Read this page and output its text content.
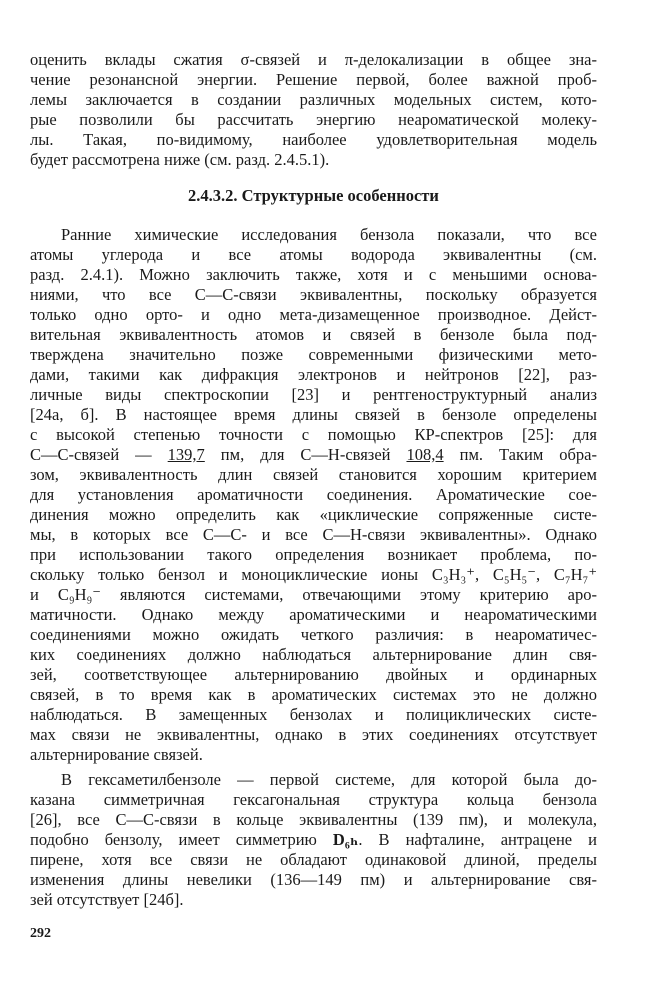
оценить вклады сжатия σ-связей и π-делокализации в общее зна-
чение резонансной энергии. Решение первой, более важной проб-
лемы заключается в создании различных модельных систем, кото-
рые позволили бы рассчитать энергию неароматической молеку-
лы. Такая, по-видимому, наиболее удовлетворительная модель
будет рассмотрена ниже (см. разд. 2.4.5.1).
2.4.3.2. Структурные особенности
Ранние химические исследования бензола показали, что все
атомы углерода и все атомы водорода эквивалентны (см.
разд. 2.4.1). Можно заключить также, хотя и с меньшими основа-
ниями, что все С—С-связи эквивалентны, поскольку образуется
только одно орто- и одно мета-дизамещенное производное. Дейст-
вительная эквивалентность атомов и связей в бензоле была под-
тверждена значительно позже современными физическими мето-
дами, такими как дифракция электронов и нейтронов [22], раз-
личные виды спектроскопии [23] и рентгеноструктурный анализ
[24а, б]. В настоящее время длины связей в бензоле определены
с высокой степенью точности с помощью КР-спектров [25]: для
С—С-связей — 139,7 пм, для С—Н-связей 108,4 пм. Таким обра-
зом, эквивалентность длин связей становится хорошим критерием
для установления ароматичности соединения. Ароматические сое-
динения можно определить как «циклические сопряженные систе-
мы, в которых все С—С- и все С—Н-связи эквивалентны». Однако
при использовании такого определения возникает проблема, по-
скольку только бензол и моноциклические ионы C₃H₃⁺, C₅H₅⁻, C₇H₇⁺
и C₉H₉⁻ являются системами, отвечающими этому критерию аро-
матичности. Однако между ароматическими и неароматическими
соединениями можно ожидать четкого различия: в неароматичес-
ких соединениях должно наблюдаться альтернирование длин свя-
зей, соответствующее альтернированию двойных и ординарных
связей, в то время как в ароматических системах это не должно
наблюдаться. В замещенных бензолах и полициклических систе-
мах связи не эквивалентны, однако в этих соединениях отсутствует
альтернирование связей.
В гексаметилбензоле — первой системе, для которой была до-
казана симметричная гексагональная структура кольца бензола
[26], все С—С-связи в кольце эквивалентны (139 пм), и молекула,
подобно бензолу, имеет симметрию D₆ₕ. В нафталине, антрацене и
пирене, хотя все связи не обладают одинаковой длиной, пределы
изменения длины невелики (136—149 пм) и альтернирование свя-
зей отсутствует [24б].
292
